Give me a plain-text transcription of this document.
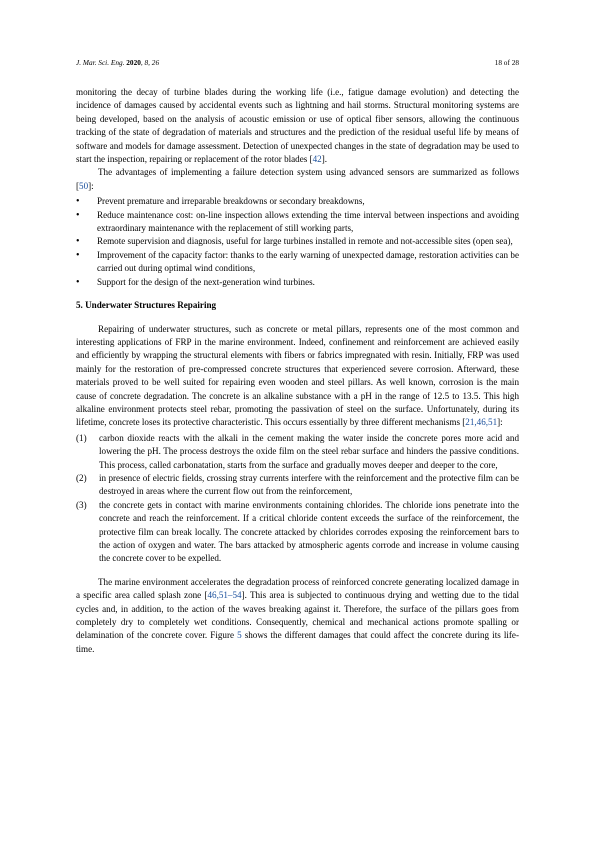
J. Mar. Sci. Eng. 2020, 8, 26	18 of 28

monitoring the decay of turbine blades during the working life (i.e., fatigue damage evolution) and detecting the incidence of damages caused by accidental events such as lightning and hail storms. Structural monitoring systems are being developed, based on the analysis of acoustic emission or use of optical fiber sensors, allowing the continuous tracking of the state of degradation of materials and structures and the prediction of the residual useful life by means of software and models for damage assessment. Detection of unexpected changes in the state of degradation may be used to start the inspection, repairing or replacement of the rotor blades [42].

The advantages of implementing a failure detection system using advanced sensors are summarized as follows [50]:

• Prevent premature and irreparable breakdowns or secondary breakdowns,
• Reduce maintenance cost: on-line inspection allows extending the time interval between inspections and avoiding extraordinary maintenance with the replacement of still working parts,
• Remote supervision and diagnosis, useful for large turbines installed in remote and not-accessible sites (open sea),
• Improvement of the capacity factor: thanks to the early warning of unexpected damage, restoration activities can be carried out during optimal wind conditions,
• Support for the design of the next-generation wind turbines.
5. Underwater Structures Repairing

Repairing of underwater structures, such as concrete or metal pillars, represents one of the most common and interesting applications of FRP in the marine environment. Indeed, confinement and reinforcement are achieved easily and efficiently by wrapping the structural elements with fibers or fabrics impregnated with resin. Initially, FRP was used mainly for the restoration of pre-compressed concrete structures that experienced severe corrosion. Afterward, these materials proved to be well suited for repairing even wooden and steel pillars. As well known, corrosion is the main cause of concrete degradation. The concrete is an alkaline substance with a pH in the range of 12.5 to 13.5. This high alkaline environment protects steel rebar, promoting the passivation of steel on the surface. Unfortunately, during its lifetime, concrete loses its protective characteristic. This occurs essentially by three different mechanisms [21,46,51]:

(1) carbon dioxide reacts with the alkali in the cement making the water inside the concrete pores more acid and lowering the pH. The process destroys the oxide film on the steel rebar surface and hinders the passive conditions. This process, called carbonatation, starts from the surface and gradually moves deeper and deeper to the core,
(2) in presence of electric fields, crossing stray currents interfere with the reinforcement and the protective film can be destroyed in areas where the current flow out from the reinforcement,
(3) the concrete gets in contact with marine environments containing chlorides. The chloride ions penetrate into the concrete and reach the reinforcement. If a critical chloride content exceeds the surface of the reinforcement, the protective film can break locally. The concrete attacked by chlorides corrodes exposing the reinforcement bars to the action of oxygen and water. The bars attacked by atmospheric agents corrode and increase in volume causing the concrete cover to be expelled.

The marine environment accelerates the degradation process of reinforced concrete generating localized damage in a specific area called splash zone [46,51–54]. This area is subjected to continuous drying and wetting due to the tidal cycles and, in addition, to the action of the waves breaking against it. Therefore, the surface of the pillars goes from completely dry to completely wet conditions. Consequently, chemical and mechanical actions promote spalling or delamination of the concrete cover. Figure 5 shows the different damages that could affect the concrete during its life-time.
